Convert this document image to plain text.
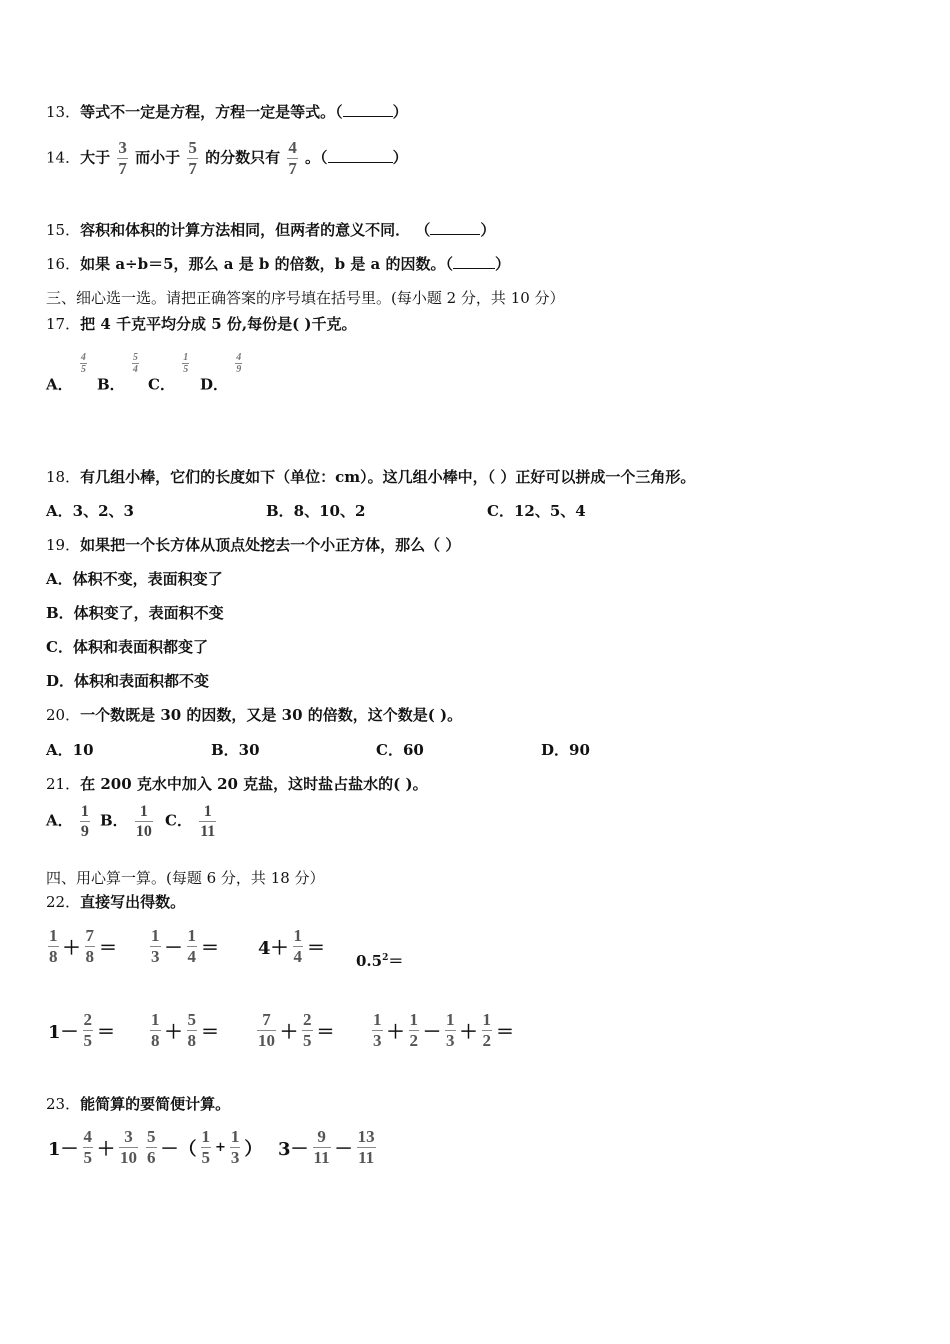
13．等式不一定是方程，方程一定是等式。（	）
14．大于 $\frac{3}{7}$ 而小于 $\frac{5}{7}$ 的分数只有 $\frac{4}{7}$ 。（	）
15．容积和体积的计算方法相同，但两者的意义不同． （	）
16．如果 a÷b＝5，那么 a 是 b 的倍数，b 是 a 的因数。（	）
三、细心选一选。请把正确答案的序号填在括号里。(每小题 2 分，共 10 分）
17．把 4 千克平均分成 5 份,每份是( )千克。
A．
$\frac{4}{5}$
B．
$\frac{5}{4}$
C．
$\frac{1}{5}$
D．
$\frac{4}{9}$
18．有几组小棒，它们的长度如下（单位：cm）。这几组小棒中，（ ）正好可以拼成一个三角形。
A．3、2、3	B．8、10、2	C．12、5、4
19．如果把一个长方体从顶点处挖去一个小正方体，那么（ ）
A．体积不变，表面积变了
B．体积变了，表面积不变
C．体积和表面积都变了
D．体积和表面积都不变
20．一个数既是 30 的因数，又是 30 的倍数，这个数是( )。
A．10	B．30	C．60	D．90
21．在 200 克水中加入 20 克盐，这时盐占盐水的( )。
A． $\frac{1}{9}$ B． $\frac{1}{10}$ C． $\frac{1}{11}$
四、用心算一算。(每题 6 分，共 18 分）
22．直接写出得数。
$\frac{1}{8} + \frac{7}{8} = \frac{1}{3} - \frac{1}{4} = 4+ \frac{1}{4}$ ＝
$0.5^2=$
$1- \frac{2}{5} = \frac{1}{8} + \frac{5}{8} = \frac{7}{10} + \frac{2}{5} = \frac{1}{3} + \frac{1}{2} - \frac{1}{3} + \frac{1}{2}$ ＝
23．能简算的要简便计算。
$1- \frac{4}{5} + \frac{3}{10} \frac{5}{6}$ －（ $\frac{1}{5} + \frac{1}{3}$ ） $3- \frac{9}{11} - \frac{13}{11}$
